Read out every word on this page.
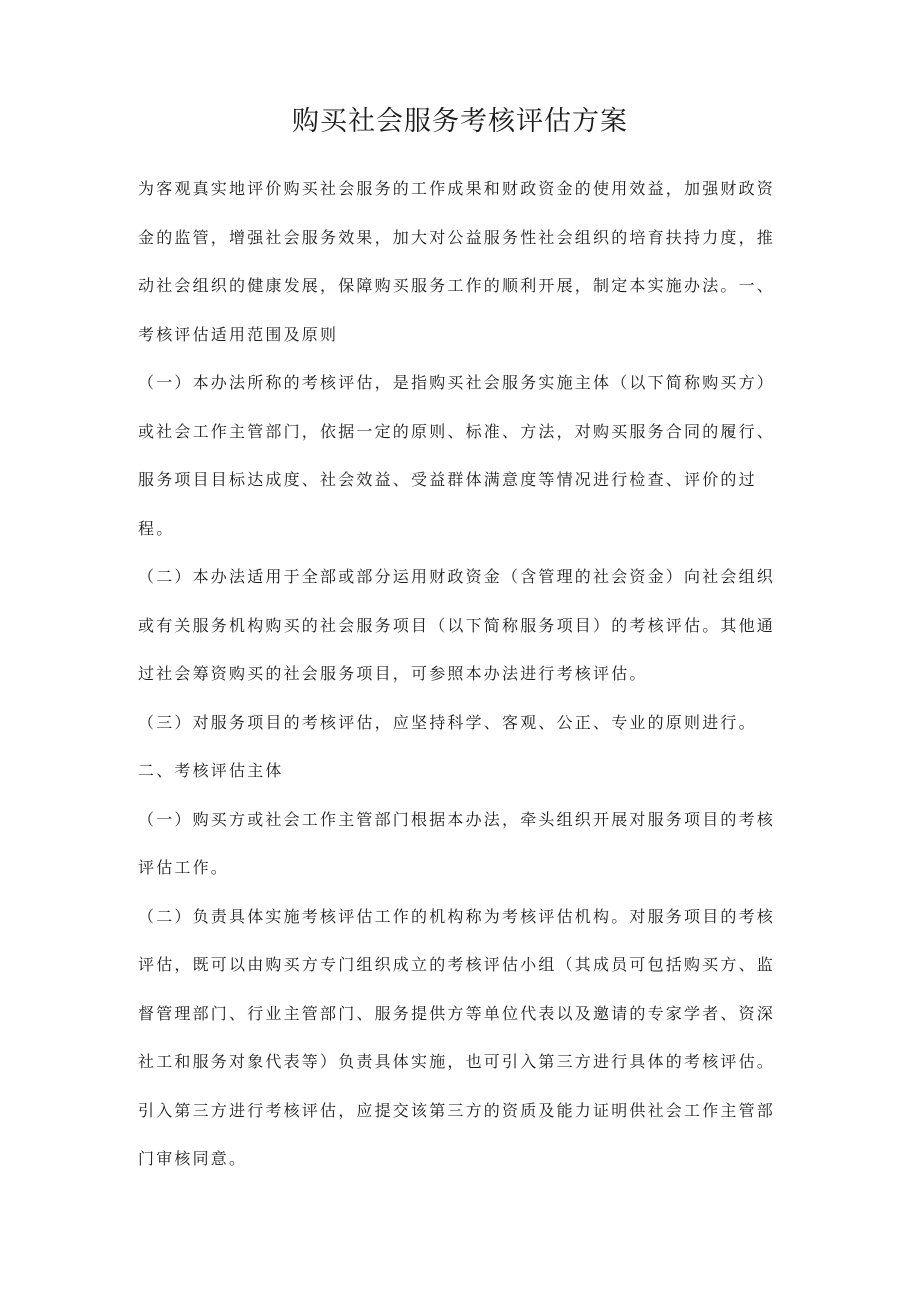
购买社会服务考核评估方案

为客观真实地评价购买社会服务的工作成果和财政资金的使用效益，加强财政资

金的监管，增强社会服务效果，加大对公益服务性社会组织的培育扶持力度，推

动社会组织的健康发展，保障购买服务工作的顺利开展，制定本实施办法。一、

考核评估适用范围及原则

（一）本办法所称的考核评估，是指购买社会服务实施主体（以下简称购买方）

或社会工作主管部门，依据一定的原则、标准、方法，对购买服务合同的履行、

服务项目目标达成度、社会效益、受益群体满意度等情况进行检查、评价的过

程。

（二）本办法适用于全部或部分运用财政资金（含管理的社会资金）向社会组织

或有关服务机构购买的社会服务项目（以下简称服务项目）的考核评估。其他通

过社会筹资购买的社会服务项目，可参照本办法进行考核评估。

（三）对服务项目的考核评估，应坚持科学、客观、公正、专业的原则进行。

二、考核评估主体

（一）购买方或社会工作主管部门根据本办法，牵头组织开展对服务项目的考核

评估工作。

（二）负责具体实施考核评估工作的机构称为考核评估机构。对服务项目的考核

评估，既可以由购买方专门组织成立的考核评估小组（其成员可包括购买方、监

督管理部门、行业主管部门、服务提供方等单位代表以及邀请的专家学者、资深

社工和服务对象代表等）负责具体实施，也可引入第三方进行具体的考核评估。

引入第三方进行考核评估，应提交该第三方的资质及能力证明供社会工作主管部

门审核同意。
